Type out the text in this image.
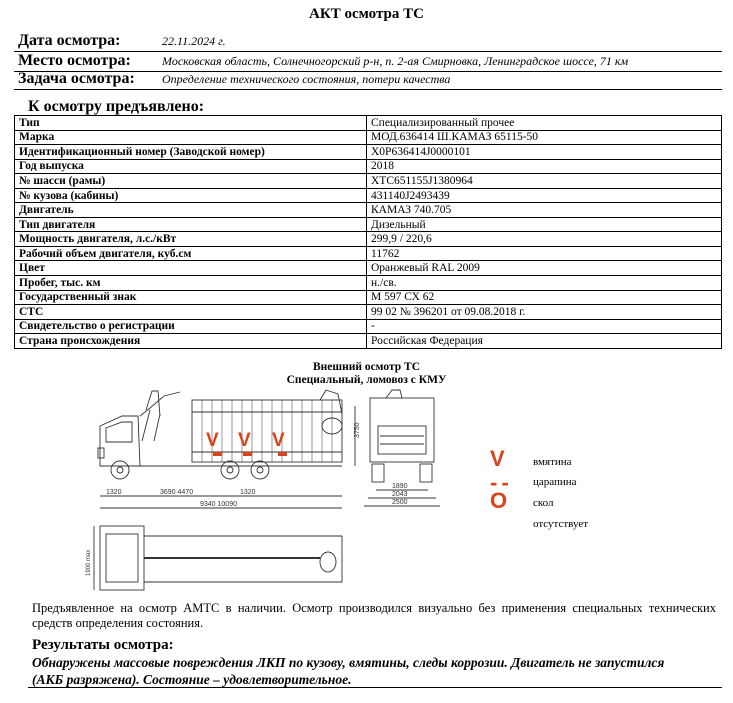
АКТ осмотра ТС
Дата осмотра:	22.11.2024 г.
Место осмотра:	Московская область, Солнечногорский р-н, п. 2-ая Смирновка, Ленинградское шоссе, 71 км
Задача осмотра: Определение технического состояния, потери качества
К осмотру предъявлено:
Тип	Специализированный прочее
Марка	МОД.636414 Ш.КАМАЗ 65115-50
Идентификационный номер (Заводской номер)	X0P636414J0000101
Год выпуска	2018
№ шасси (рамы)	XTC651155J1380964
№ кузова (кабины)	431140J2493439
Двигатель	КАМАЗ 740.705
Тип двигателя	Дизельный
Мощность двигателя, л.с./кВт	299,9 / 220,6
Рабочий объем двигателя, куб.см	11762
Цвет	Оранжевый RAL 2009
Пробег, тыс. км	н./св.
Государственный знак	М 597 СХ 62
СТС	99 02 № 396201 от 09.08.2018 г.
Свидетельство о регистрации	-
Страна происхождения	Российская Федерация
Внешний осмотр ТС
Специальный, ломовоз с КМУ
3750
1320	3690 4470	1320
9340 10090
V V V
1890
2043
2500
1900 max
V	вмятина
- - царапина
O скол
отсутствует
Предъявленное на осмотр АМТС в наличии. Осмотр производился визуально без применения специальных технических средств определения состояния.
Результаты осмотра:
Обнаружены массовые повреждения ЛКП по кузову, вмятины, следы коррозии. Двигатель не запустился (АКБ разряжена). Состояние – удовлетворительное.
